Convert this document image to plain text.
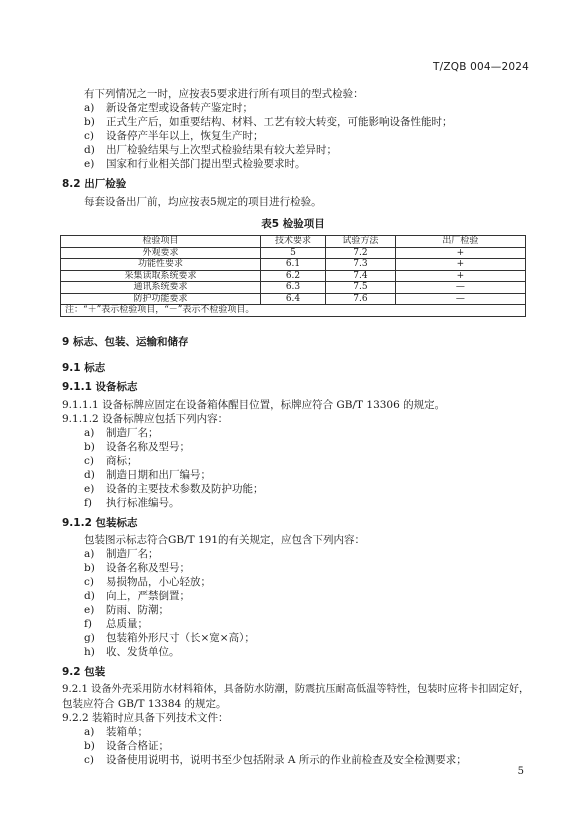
T/ZQB 004—2024
有下列情况之一时，应按表5要求进行所有项目的型式检验：
a) 新设备定型或设备转产鉴定时；
b) 正式生产后，如重要结构、材料、工艺有较大转变，可能影响设备性能时；
c) 设备停产半年以上，恢复生产时；
d) 出厂检验结果与上次型式检验结果有较大差异时；
e) 国家和行业相关部门提出型式检验要求时。
8.2 出厂检验
每套设备出厂前，均应按表5规定的项目进行检验。
表5 检验项目
检验项目	技术要求	试验方法	出厂检验
外观要求	5	7.2	+
功能性要求	6.1	7.3	+
采集读取系统要求	6.2	7.4	+
通讯系统要求	6.3	7.5	—
防护功能要求	6.4	7.6	—
注：“＋”表示检验项目，“－”表示不检验项目。			
9 标志、包装、运输和储存
9.1 标志
9.1.1 设备标志
9.1.1.1 设备标牌应固定在设备箱体醒目位置，标牌应符合 GB/T 13306 的规定。
9.1.1.2 设备标牌应包括下列内容：
a) 制造厂名；
b) 设备名称及型号；
c) 商标；
d) 制造日期和出厂编号；
e) 设备的主要技术参数及防护功能；
f) 执行标准编号。
9.1.2 包装标志
包装图示标志符合GB/T 191的有关规定，应包含下列内容：
a) 制造厂名；
b) 设备名称及型号；
c) 易损物品，小心轻放；
d) 向上，严禁倒置；
e) 防雨、防潮；
f) 总质量；
g) 包装箱外形尺寸（长×宽×高）；
h) 收、发货单位。
9.2 包装
9.2.1 设备外壳采用防水材料箱体，具备防水防潮，防震抗压耐高低温等特性，包装时应将卡扣固定好，
包装应符合 GB/T 13384 的规定。
9.2.2 装箱时应具备下列技术文件：
a) 装箱单；
b) 设备合格证；
c) 设备使用说明书，说明书至少包括附录 A 所示的作业前检查及安全检测要求；
5
